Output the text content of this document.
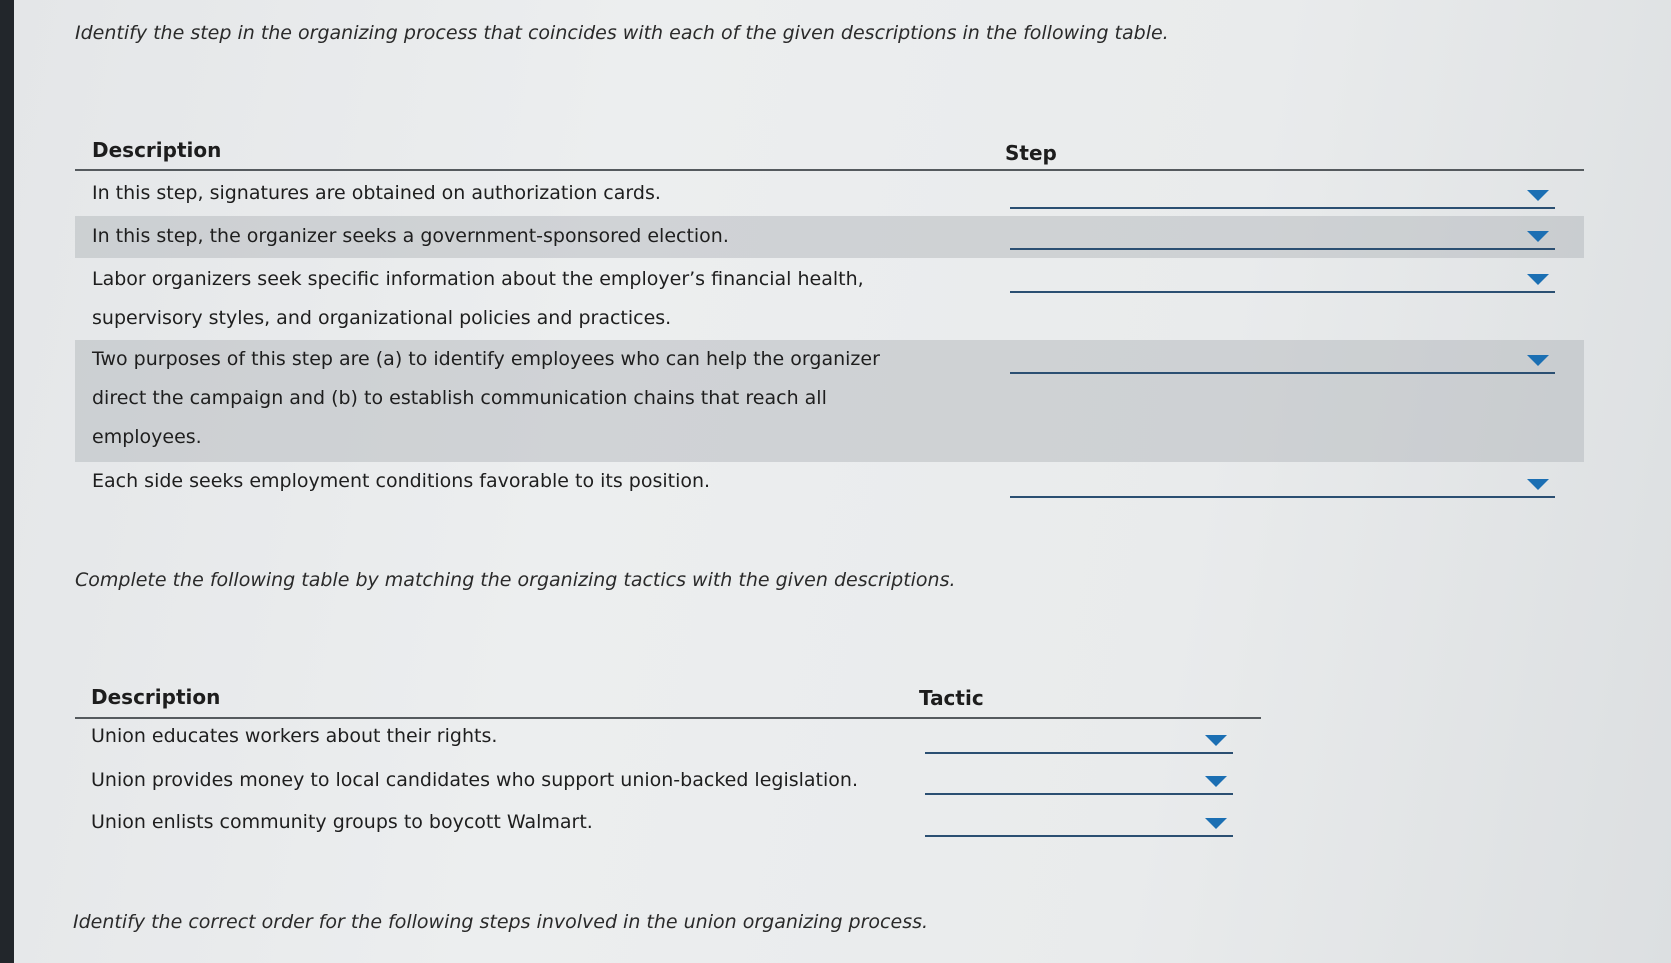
Identify the step in the organizing process that coincides with each of the given descriptions in the following table.
Description	Step
In this step, signatures are obtained on authorization cards.
In this step, the organizer seeks a government-sponsored election.
Labor organizers seek specific information about the employer’s financial health, supervisory styles, and organizational policies and practices.
Two purposes of this step are (a) to identify employees who can help the organizer direct the campaign and (b) to establish communication chains that reach all employees.
Each side seeks employment conditions favorable to its position.
Complete the following table by matching the organizing tactics with the given descriptions.
Description	Tactic
Union educates workers about their rights.
Union provides money to local candidates who support union-backed legislation.
Union enlists community groups to boycott Walmart.
Identify the correct order for the following steps involved in the union organizing process.
